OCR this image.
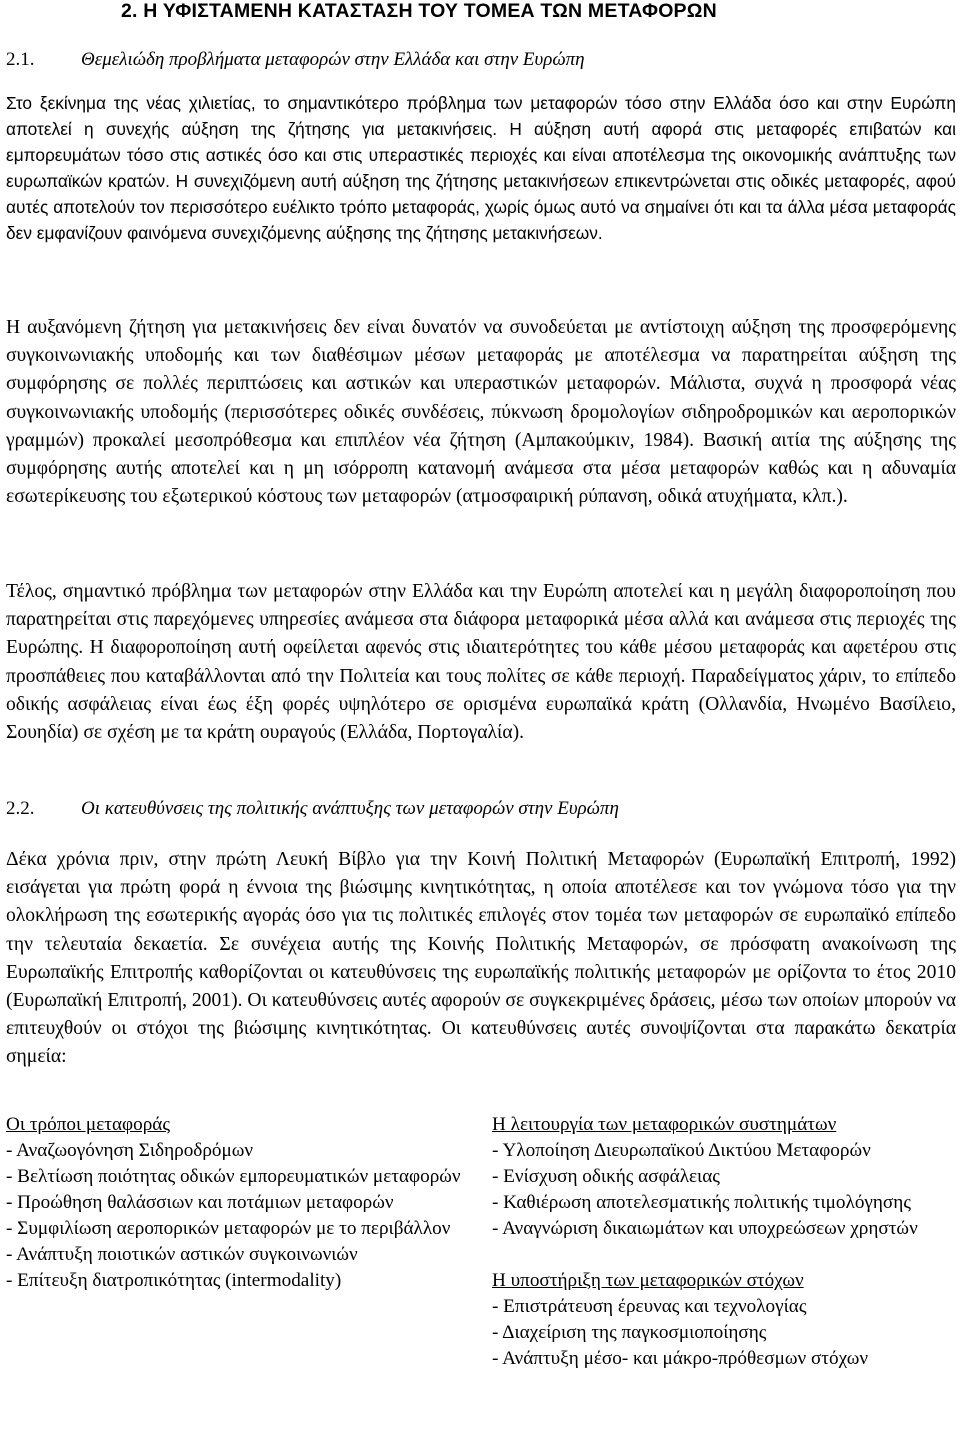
2. Η ΥΦΙΣΤΑΜΕΝΗ ΚΑΤΑΣΤΑΣΗ ΤΟΥ ΤΟΜΕΑ ΤΩΝ ΜΕΤΑΦΟΡΩΝ
2.1. Θεμελιώδη προβλήματα μεταφορών στην Ελλάδα και στην Ευρώπη

Στο ξεκίνημα της νέας χιλιετίας, το σημαντικότερο πρόβλημα των μεταφορών τόσο στην Ελλάδα όσο και στην Ευρώπη αποτελεί η συνεχής αύξηση της ζήτησης για μετακινήσεις. Η αύξηση αυτή αφορά στις μεταφορές επιβατών και εμπορευμάτων τόσο στις αστικές όσο και στις υπεραστικές περιοχές και είναι αποτέλεσμα της οικονομικής ανάπτυξης των ευρωπαϊκών κρατών. Η συνεχιζόμενη αυτή αύξηση της ζήτησης μετακινήσεων επικεντρώνεται στις οδικές μεταφορές, αφού αυτές αποτελούν τον περισσότερο ευέλικτο τρόπο μεταφοράς, χωρίς όμως αυτό να σημαίνει ότι και τα άλλα μέσα μεταφοράς δεν εμφανίζουν φαινόμενα συνεχιζόμενης αύξησης της ζήτησης μετακινήσεων.

Η αυξανόμενη ζήτηση για μετακινήσεις δεν είναι δυνατόν να συνοδεύεται με αντίστοιχη αύξηση της προσφερόμενης συγκοινωνιακής υποδομής και των διαθέσιμων μέσων μεταφοράς με αποτέλεσμα να παρατηρείται αύξηση της συμφόρησης σε πολλές περιπτώσεις και αστικών και υπεραστικών μεταφορών. Μάλιστα, συχνά η προσφορά νέας συγκοινωνιακής υποδομής (περισσότερες οδικές συνδέσεις, πύκνωση δρομολογίων σιδηροδρομικών και αεροπορικών γραμμών) προκαλεί μεσοπρόθεσμα και επιπλέον νέα ζήτηση (Αμπακούμκιν, 1984). Βασική αιτία της αύξησης της συμφόρησης αυτής αποτελεί και η μη ισόρροπη κατανομή ανάμεσα στα μέσα μεταφορών καθώς και η αδυναμία εσωτερίκευσης του εξωτερικού κόστους των μεταφορών (ατμοσφαιρική ρύπανση, οδικά ατυχήματα, κλπ.).

Τέλος, σημαντικό πρόβλημα των μεταφορών στην Ελλάδα και την Ευρώπη αποτελεί και η μεγάλη διαφοροποίηση που παρατηρείται στις παρεχόμενες υπηρεσίες ανάμεσα στα διάφορα μεταφορικά μέσα αλλά και ανάμεσα στις περιοχές της Ευρώπης. Η διαφοροποίηση αυτή οφείλεται αφενός στις ιδιαιτερότητες του κάθε μέσου μεταφοράς και αφετέρου στις προσπάθειες που καταβάλλονται από την Πολιτεία και τους πολίτες σε κάθε περιοχή. Παραδείγματος χάριν, το επίπεδο οδικής ασφάλειας είναι έως έξη φορές υψηλότερο σε ορισμένα ευρωπαϊκά κράτη (Ολλανδία, Ηνωμένο Βασίλειο, Σουηδία) σε σχέση με τα κράτη ουραγούς (Ελλάδα, Πορτογαλία).

2.2. Οι κατευθύνσεις της πολιτικής ανάπτυξης των μεταφορών στην Ευρώπη

Δέκα χρόνια πριν, στην πρώτη Λευκή Βίβλο για την Κοινή Πολιτική Μεταφορών (Ευρωπαϊκή Επιτροπή, 1992) εισάγεται για πρώτη φορά η έννοια της βιώσιμης κινητικότητας, η οποία αποτέλεσε και τον γνώμονα τόσο για την ολοκλήρωση της εσωτερικής αγοράς όσο για τις πολιτικές επιλογές στον τομέα των μεταφορών σε ευρωπαϊκό επίπεδο την τελευταία δεκαετία. Σε συνέχεια αυτής της Κοινής Πολιτικής Μεταφορών, σε πρόσφατη ανακοίνωση της Ευρωπαϊκής Επιτροπής καθορίζονται οι κατευθύνσεις της ευρωπαϊκής πολιτικής μεταφορών με ορίζοντα το έτος 2010 (Ευρωπαϊκή Επιτροπή, 2001). Οι κατευθύνσεις αυτές αφορούν σε συγκεκριμένες δράσεις, μέσω των οποίων μπορούν να επιτευχθούν οι στόχοι της βιώσιμης κινητικότητας. Οι κατευθύνσεις αυτές συνοψίζονται στα παρακάτω δεκατρία σημεία:

Οι τρόποι μεταφοράς
- Αναζωογόνηση Σιδηροδρόμων
- Βελτίωση ποιότητας οδικών εμπορευματικών μεταφορών
- Προώθηση θαλάσσιων και ποτάμιων μεταφορών
- Συμφιλίωση αεροπορικών μεταφορών με το περιβάλλον
- Ανάπτυξη ποιοτικών αστικών συγκοινωνιών
- Επίτευξη διατροπικότητας (intermodality)
Η λειτουργία των μεταφορικών συστημάτων
- Υλοποίηση Διευρωπαϊκού Δικτύου Μεταφορών
- Ενίσχυση οδικής ασφάλειας
- Καθιέρωση αποτελεσματικής πολιτικής τιμολόγησης
- Αναγνώριση δικαιωμάτων και υποχρεώσεων χρηστών
Η υποστήριξη των μεταφορικών στόχων
- Επιστράτευση έρευνας και τεχνολογίας
- Διαχείριση της παγκοσμιοποίησης
- Ανάπτυξη μέσο- και μάκρο-πρόθεσμων στόχων
